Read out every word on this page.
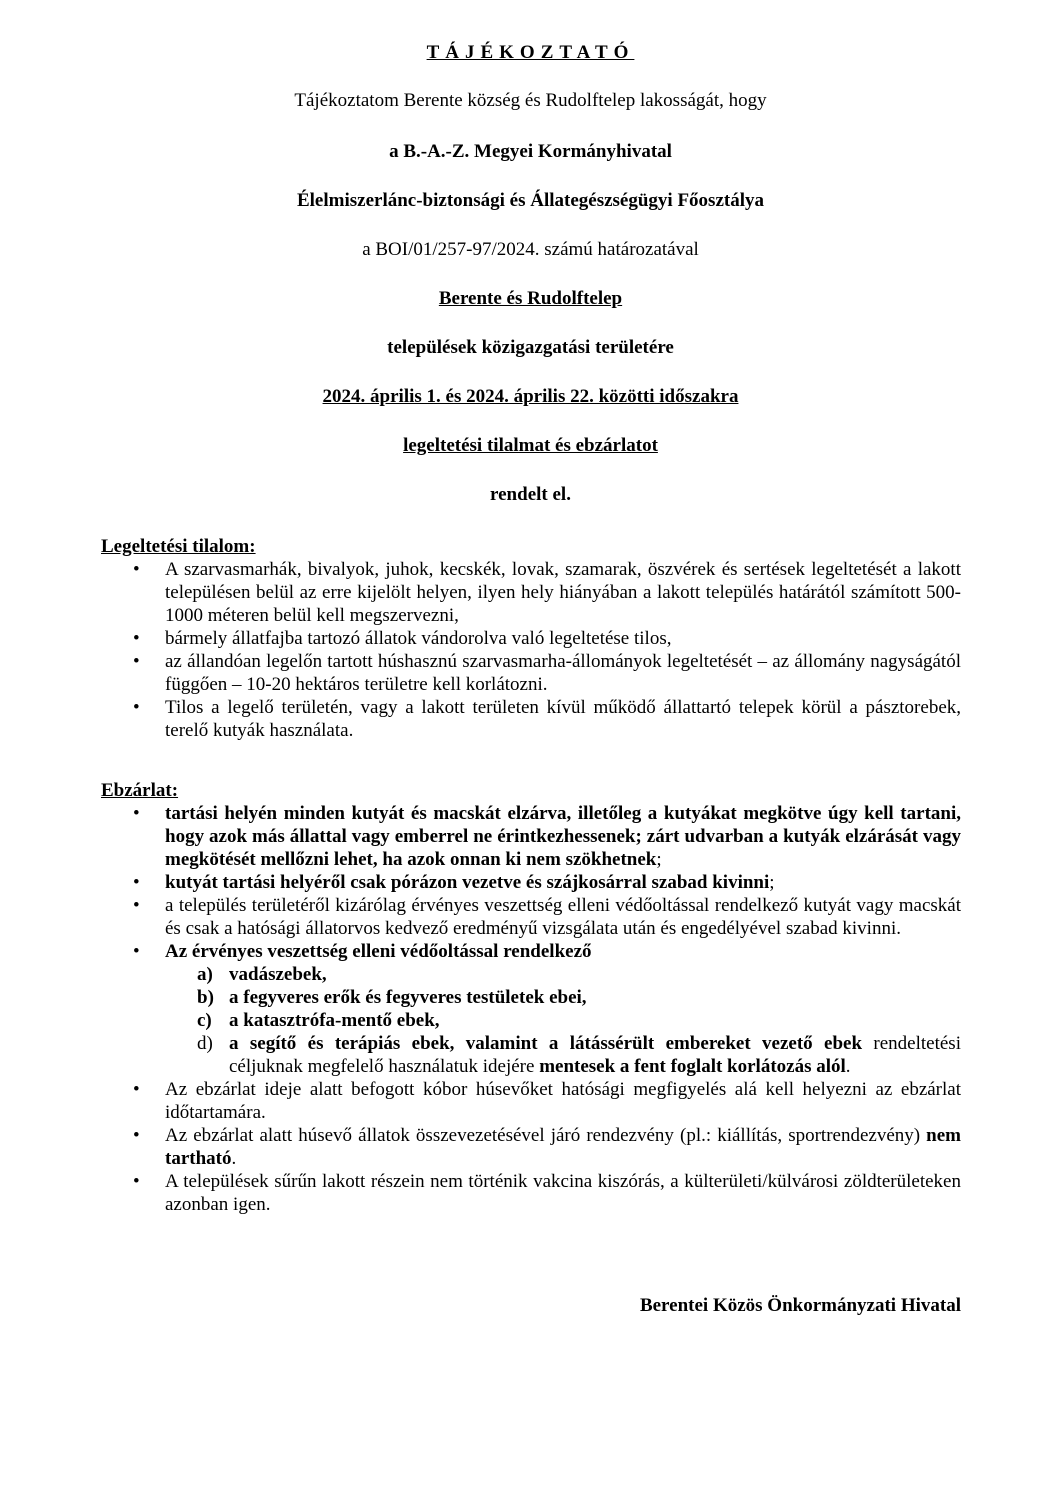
TÁJÉKOZTATÓ
Tájékoztatom Berente község és Rudolftelep lakosságát, hogy
a B.-A.-Z. Megyei Kormányhivatal
Élelmiszerlánc-biztonsági és Állategészségügyi Főosztálya
a BOI/01/257-97/2024. számú határozatával
Berente és Rudolftelep
települések közigazgatási területére
2024. április 1. és 2024. április 22. közötti időszakra
legeltetési tilalmat és ebzárlatot
rendelt el.
Legeltetési tilalom:
• A szarvasmarhák, bivalyok, juhok, kecskék, lovak, szamarak, öszvérek és sertések legeltetését a lakott településen belül az erre kijelölt helyen, ilyen hely hiányában a lakott település határától számított 500-1000 méteren belül kell megszervezni,
• bármely állatfajba tartozó állatok vándorolva való legeltetése tilos,
• az állandóan legelőn tartott húshasznú szarvasmarha-állományok legeltetését – az állomány nagyságától függően – 10-20 hektáros területre kell korlátozni.
• Tilos a legelő területén, vagy a lakott területen kívül működő állattartó telepek körül a pásztorebek, terelő kutyák használata.
Ebzárlat:
• tartási helyén minden kutyát és macskát elzárva, illetőleg a kutyákat megkötve úgy kell tartani, hogy azok más állattal vagy emberrel ne érintkezhessenek; zárt udvarban a kutyák elzárását vagy megkötését mellőzni lehet, ha azok onnan ki nem szökhetnek;
• kutyát tartási helyéről csak pórázon vezetve és szájkosárral szabad kivinni;
• a település területéről kizárólag érvényes veszettség elleni védőoltással rendelkező kutyát vagy macskát és csak a hatósági állatorvos kedvező eredményű vizsgálata után és engedélyével szabad kivinni.
• Az érvényes veszettség elleni védőoltással rendelkező
a) vadászebek,
b) a fegyveres erők és fegyveres testületek ebei,
c) a katasztrófa-mentő ebek,
d) a segítő és terápiás ebek, valamint a látássérült embereket vezető ebek rendeltetési céljuknak megfelelő használatuk idejére mentesek a fent foglalt korlátozás alól.
• Az ebzárlat ideje alatt befogott kóbor húsevőket hatósági megfigyelés alá kell helyezni az ebzárlat időtartamára.
• Az ebzárlat alatt húsevő állatok összevezetésével járó rendezvény (pl.: kiállítás, sportrendezvény) nem tartható.
• A települések sűrűn lakott részein nem történik vakcina kiszórás, a külterületi/külvárosi zöldterületeken azonban igen.
Berentei Közös Önkormányzati Hivatal
